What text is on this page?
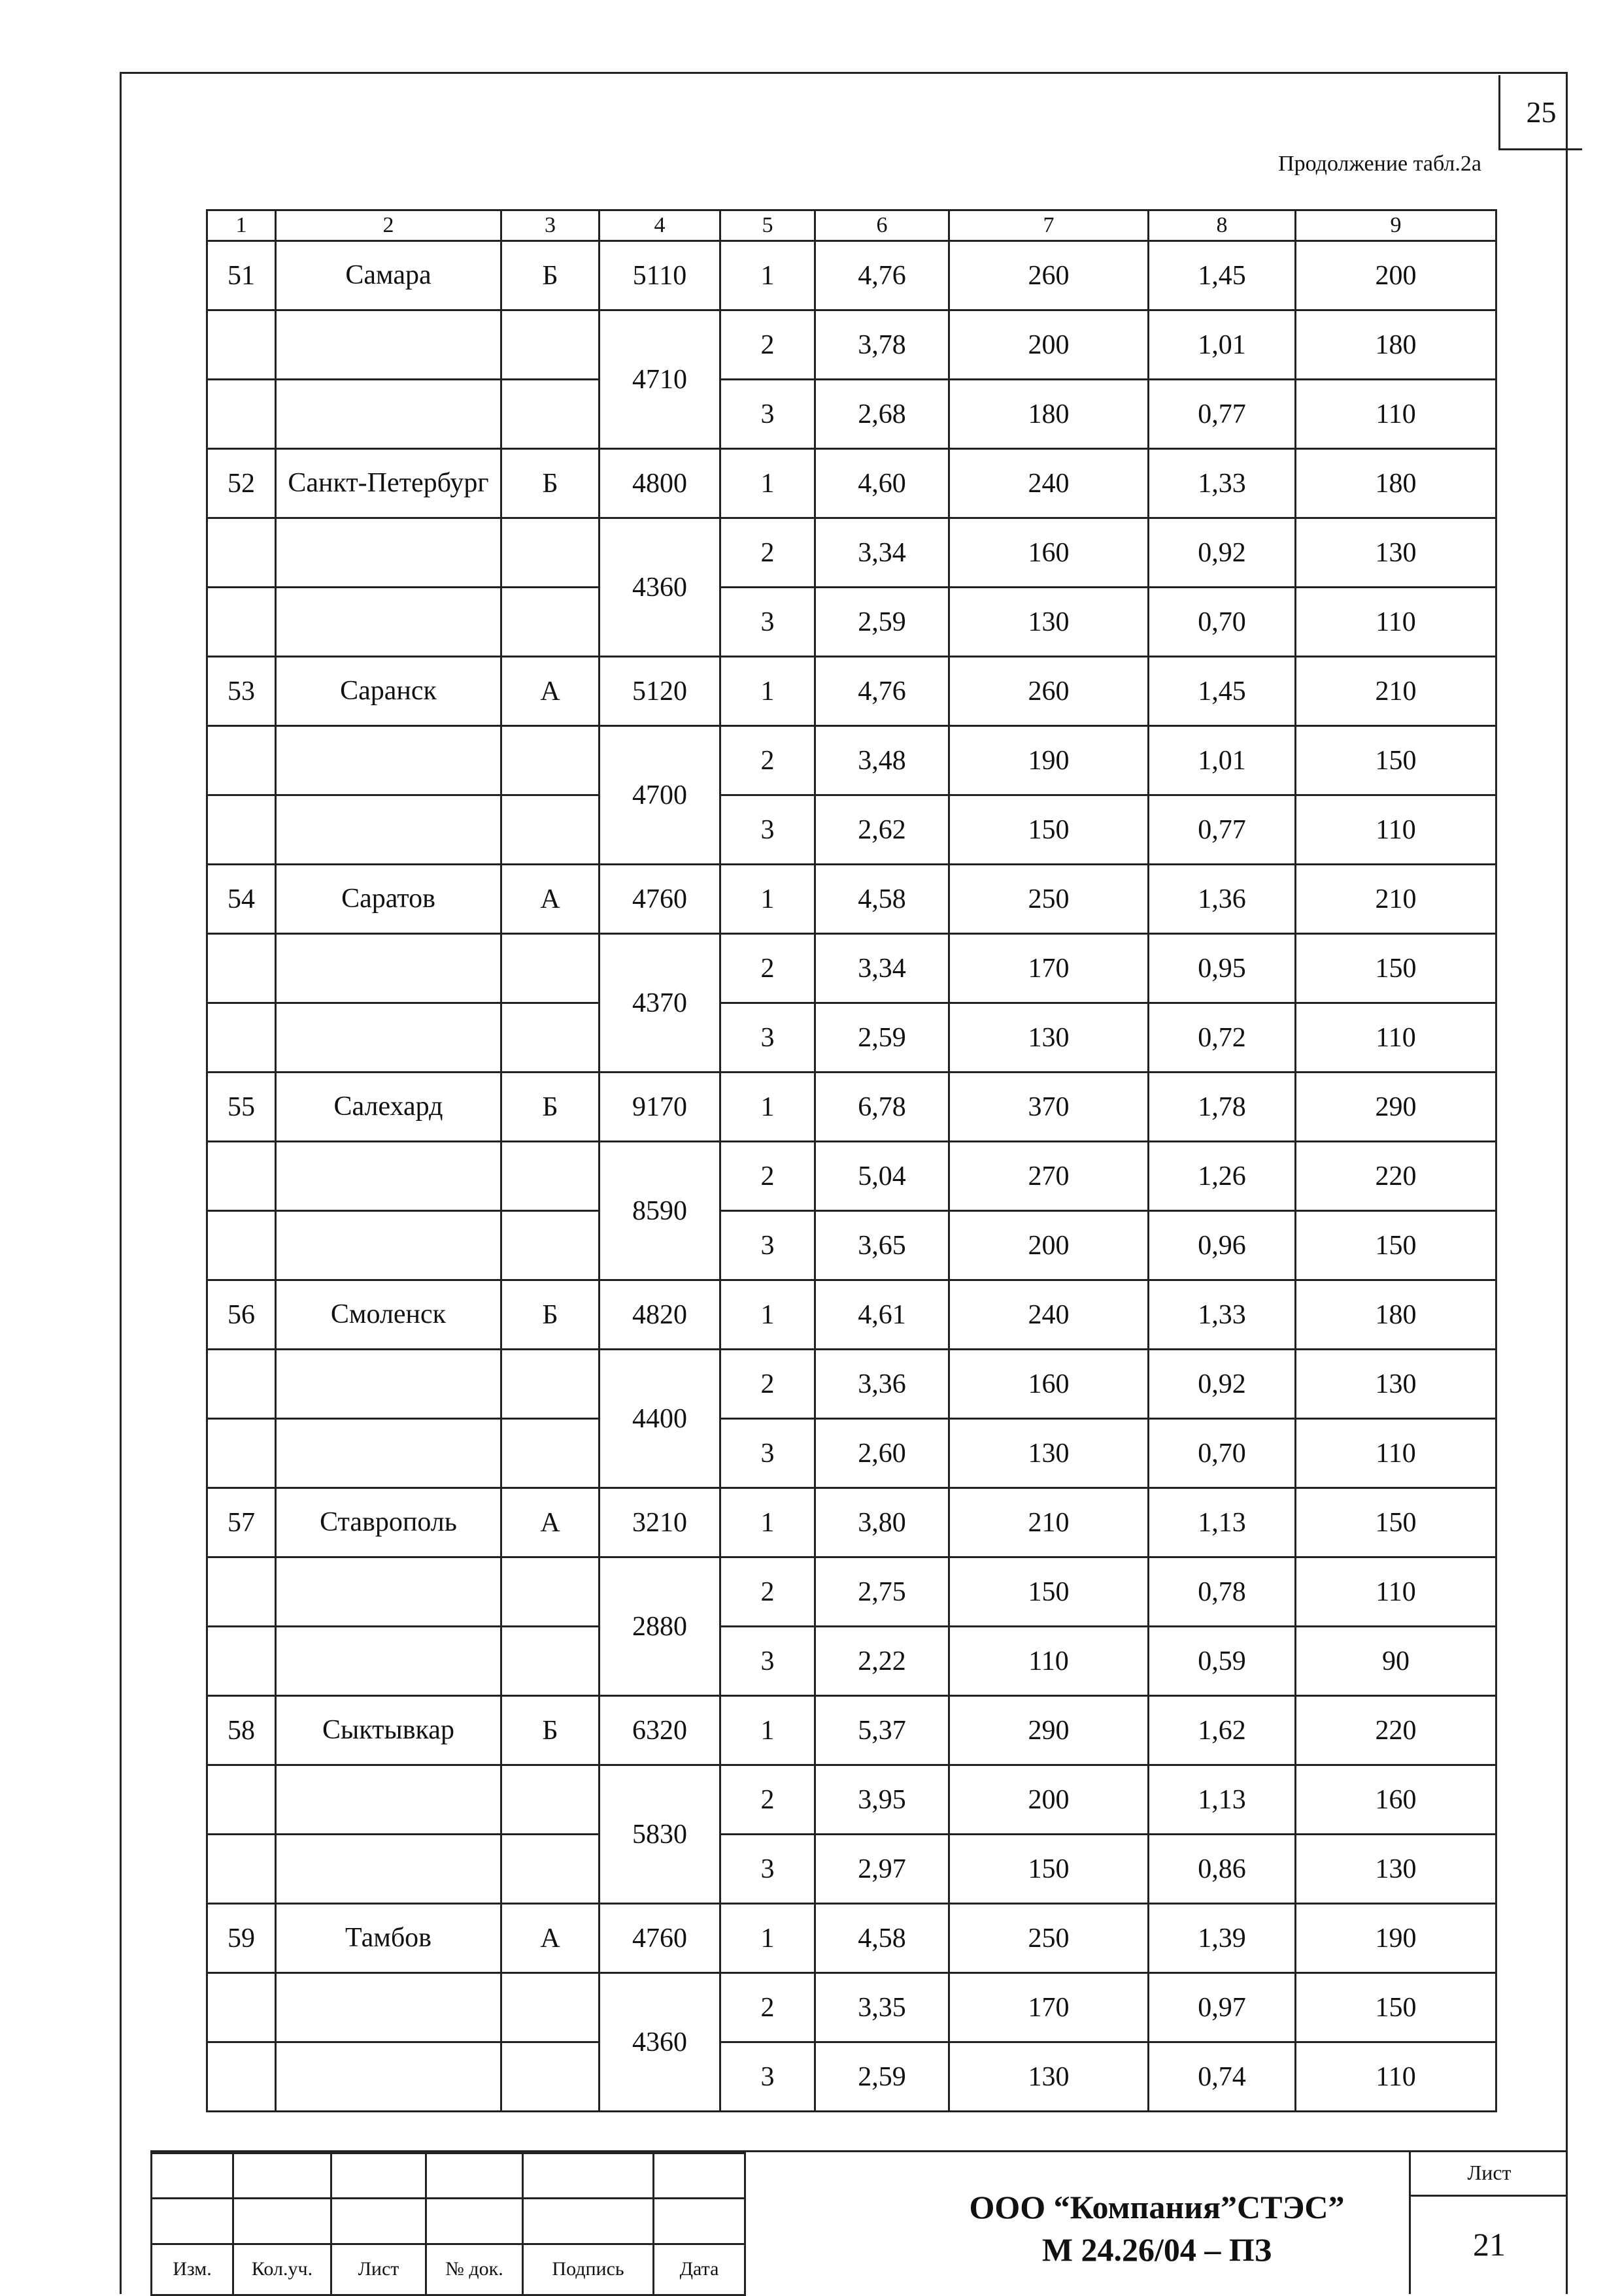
25
Продолжение табл.2а
1	2	3	4	5	6	7	8	9
51	Самара	Б	5110	1	4,76	260	1,45	200
			4710	2	3,78	200	1,01	180
				3	2,68	180	0,77	110
52	Санкт-Петербург	Б	4800	1	4,60	240	1,33	180
			4360	2	3,34	160	0,92	130
				3	2,59	130	0,70	110
53	Саранск	А	5120	1	4,76	260	1,45	210
			4700	2	3,48	190	1,01	150
				3	2,62	150	0,77	110
54	Саратов	А	4760	1	4,58	250	1,36	210
			4370	2	3,34	170	0,95	150
				3	2,59	130	0,72	110
55	Салехард	Б	9170	1	6,78	370	1,78	290
			8590	2	5,04	270	1,26	220
				3	3,65	200	0,96	150
56	Смоленск	Б	4820	1	4,61	240	1,33	180
			4400	2	3,36	160	0,92	130
				3	2,60	130	0,70	110
57	Ставрополь	А	3210	1	3,80	210	1,13	150
			2880	2	2,75	150	0,78	110
				3	2,22	110	0,59	90
58	Сыктывкар	Б	6320	1	5,37	290	1,62	220
			5830	2	3,95	200	1,13	160
				3	2,97	150	0,86	130
59	Тамбов	А	4760	1	4,58	250	1,39	190
			4360	2	3,35	170	0,97	150
				3	2,59	130	0,74	110

Изм.	Кол.уч.	Лист	№ док.	Подпись	Дата
ООО “Компания”СТЭС”
М 24.26/04 – ПЗ
Лист
21
